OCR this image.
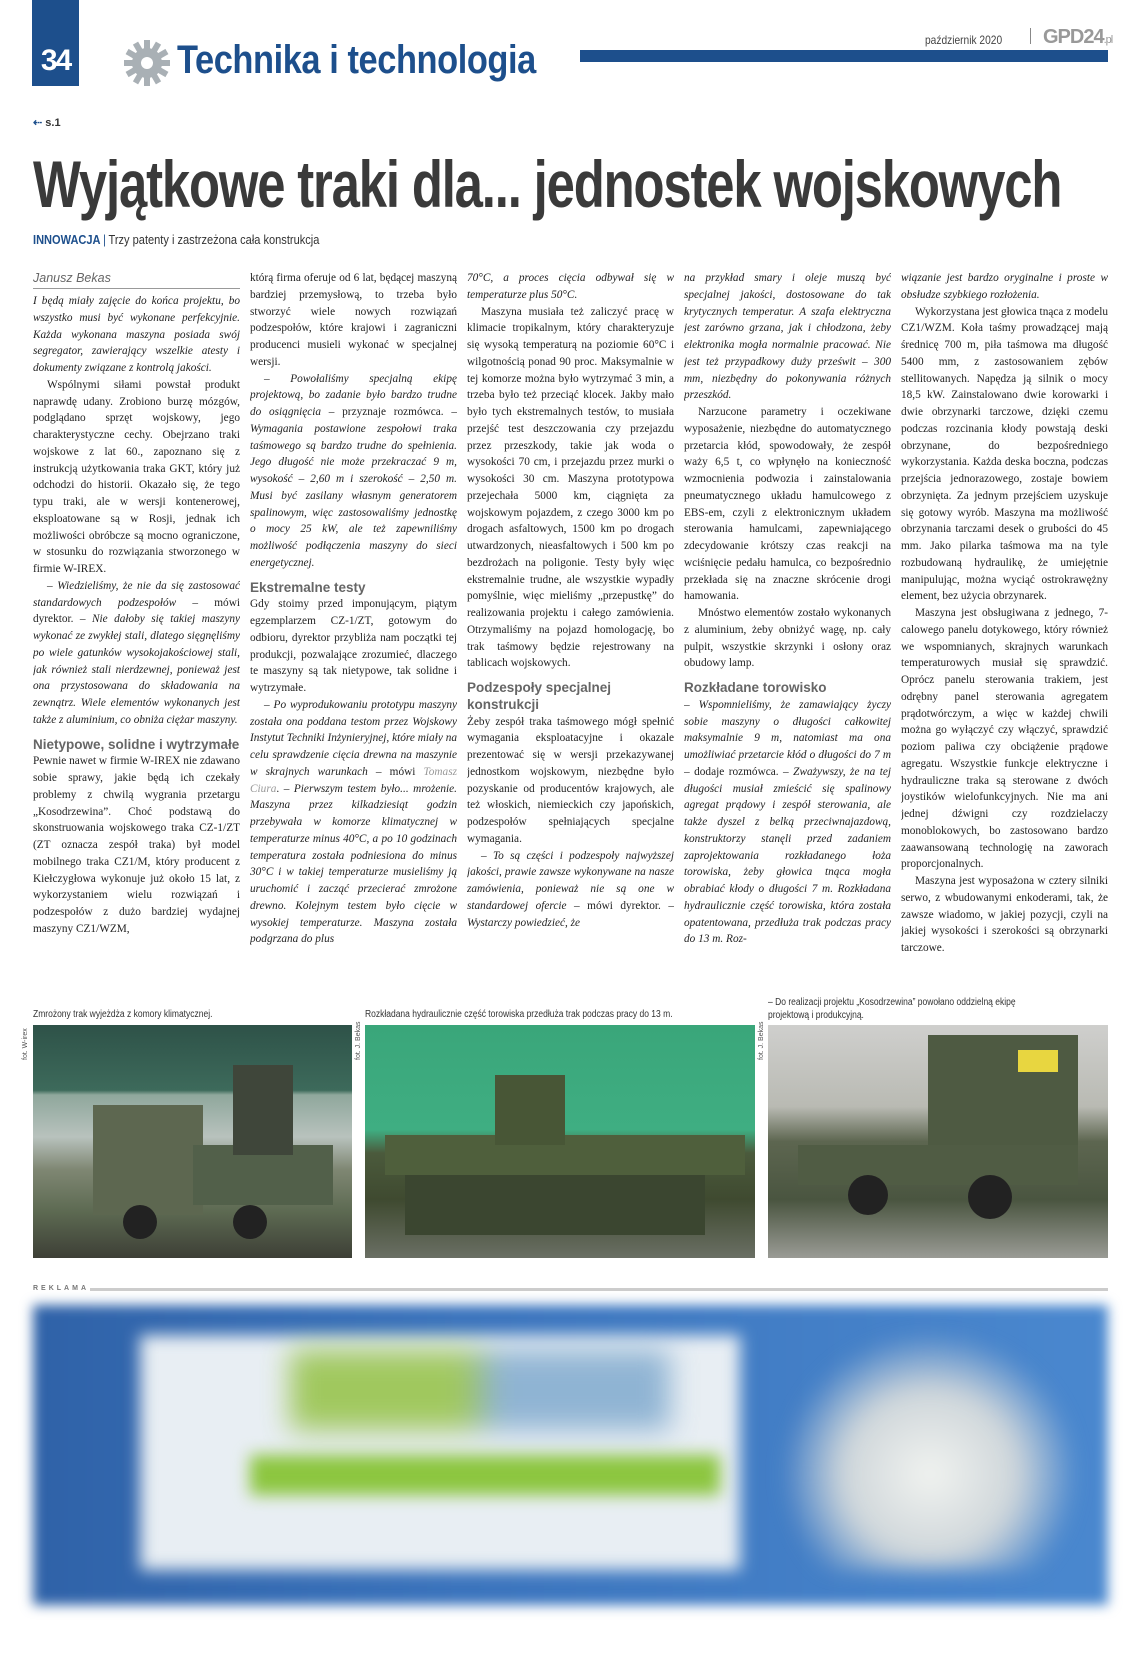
34	Technika i technologia	październik 2020 GPD24.pl
⇠ s.1
Wyjątkowe traki dla... jednostek wojskowych
INNOWACJA | Trzy patenty i zastrzeżona cała konstrukcja
Janusz Bekas

I będą miały zajęcie do końca projektu, bo wszystko musi być wykonane perfekcyjnie. Każda wykonana maszyna posiada swój segregator, zawierający wszelkie atesty i dokumenty związane z kontrolą jakości.

Wspólnymi siłami powstał produkt naprawdę udany. Zrobiono burzę mózgów, podglądano sprzęt wojskowy, jego charakterystyczne cechy. Obejrzano traki wojskowe z lat 60., zapoznano się z instrukcją użytkowania traka GKT, który już odchodzi do historii. Okazało się, że tego typu traki, ale w wersji kontenerowej, eksploatowane są w Rosji, jednak ich możliwości obróbcze są mocno ograniczone, w stosunku do rozwiązania stworzonego w firmie W-IREX.

– Wiedzieliśmy, że nie da się zastosować standardowych podzespołów – mówi dyrektor. – Nie dałoby się takiej maszyny wykonać ze zwykłej stali, dlatego sięgnęliśmy po wiele gatunków wysokojakościowej stali, jak również stali nierdzewnej, ponieważ jest ona przystosowana do składowania na zewnątrz. Wiele elementów wykonanych jest także z aluminium, co obniża ciężar maszyny.

Nietypowe, solidne i wytrzymałe

Pewnie nawet w firmie W-IREX nie zdawano sobie sprawy, jakie będą ich czekały problemy z chwilą wygrania przetargu „Kosodrzewina”. Choć podstawą do skonstruowania wojskowego traka CZ-1/ZT (ZT oznacza zespół traka) był model mobilnego traka CZ1/M, który producent z Kiełczygłowa wykonuje już około 15 lat, z wykorzystaniem wielu rozwiązań i podzespołów z dużo bardziej wydajnej maszyny CZ1/WZM,

którą firma oferuje od 6 lat, będącej maszyną bardziej przemysłową, to trzeba było stworzyć wiele nowych rozwiązań podzespołów, które krajowi i zagraniczni producenci musieli wykonać w specjalnej wersji.

– Powołaliśmy specjalną ekipę projektową, bo zadanie było bardzo trudne do osiągnięcia – przyznaje rozmówca. – Wymagania postawione zespołowi traka taśmowego są bardzo trudne do spełnienia. Jego długość nie może przekraczać 9 m, wysokość – 2,60 m i szerokość – 2,50 m. Musi być zasilany własnym generatorem spalinowym, więc zastosowaliśmy jednostkę o mocy 25 kW, ale też zapewniliśmy możliwość podłączenia maszyny do sieci energetycznej.

Ekstremalne testy

Gdy stoimy przed imponującym, piątym egzemplarzem CZ-1/ZT, gotowym do odbioru, dyrektor przybliża nam początki tej produkcji, pozwalające zrozumieć, dlaczego te maszyny są tak nietypowe, tak solidne i wytrzymałe.

– Po wyprodukowaniu prototypu maszyny została ona poddana testom przez Wojskowy Instytut Techniki Inżynieryjnej, które miały na celu sprawdzenie cięcia drewna na maszynie w skrajnych warunkach – mówi Tomasz Ciura. – Pierwszym testem było... mrożenie. Maszyna przez kilkadziesiąt godzin przebywała w komorze klimatycznej w temperaturze minus 40°C, a po 10 godzinach temperatura została podniesiona do minus 30°C i w takiej temperaturze musieliśmy ją uruchomić i zacząć przecierać zmrożone drewno. Kolejnym testem było cięcie w wysokiej temperaturze. Maszyna została podgrzana do plus

70°C, a proces cięcia odbywał się w temperaturze plus 50°C.

Maszyna musiała też zaliczyć pracę w klimacie tropikalnym, który charakteryzuje się wysoką temperaturą na poziomie 60°C i wilgotnością ponad 90 proc. Maksymalnie w tej komorze można było wytrzymać 3 min, a trzeba było też przeciąć klocek. Jakby mało było tych ekstremalnych testów, to musiała przejść test deszczowania czy przejazdu przez przeszkody, takie jak woda o wysokości 70 cm, i przejazdu przez murki o wysokości 30 cm. Maszyna prototypowa przejechała 5000 km, ciągnięta za wojskowym pojazdem, z czego 3000 km po drogach asfaltowych, 1500 km po drogach utwardzonych, nieasfaltowych i 500 km po bezdrożach na poligonie. Testy były więc ekstremalnie trudne, ale wszystkie wypadły pomyślnie, więc mieliśmy „przepustkę” do realizowania projektu i całego zamówienia. Otrzymaliśmy na pojazd homologację, bo trak taśmowy będzie rejestrowany na tablicach wojskowych.

Podzespoły specjalnej konstrukcji

Żeby zespół traka taśmowego mógł spełnić wymagania eksploatacyjne i okazale prezentować się w wersji przekazywanej jednostkom wojskowym, niezbędne było pozyskanie od producentów krajowych, ale też włoskich, niemieckich czy japońskich, podzespołów spełniających specjalne wymagania.

– To są części i podzespoły najwyższej jakości, prawie zawsze wykonywane na nasze zamówienia, ponieważ nie są one w standardowej ofercie – mówi dyrektor. – Wystarczy powiedzieć, że

na przykład smary i oleje muszą być specjalnej jakości, dostosowane do tak krytycznych temperatur. A szafa elektryczna jest zarówno grzana, jak i chłodzona, żeby elektronika mogła normalnie pracować. Nie jest też przypadkowy duży prześwit – 300 mm, niezbędny do pokonywania różnych przeszkód.

Narzucone parametry i oczekiwane wyposażenie, niezbędne do automatycznego przetarcia kłód, spowodowały, że zespół waży 6,5 t, co wpłynęło na konieczność wzmocnienia podwozia i zainstalowania pneumatycznego układu hamulcowego z EBS-em, czyli z elektronicznym układem sterowania hamulcami, zapewniającego zdecydowanie krótszy czas reakcji na wciśnięcie pedału hamulca, co bezpośrednio przekłada się na znaczne skrócenie drogi hamowania.

Mnóstwo elementów zostało wykonanych z aluminium, żeby obniżyć wagę, np. cały pulpit, wszystkie skrzynki i osłony oraz obudowy lamp.

Rozkładane torowisko

– Wspomnieliśmy, że zamawiający życzy sobie maszyny o długości całkowitej maksymalnie 9 m, natomiast ma ona umożliwiać przetarcie kłód o długości do 7 m – dodaje rozmówca. – Zważywszy, że na tej długości musiał zmieścić się spalinowy agregat prądowy i zespół sterowania, ale także dyszel z belką przeciwnajazdową, konstruktorzy stanęli przed zadaniem zaprojektowania rozkładanego łoża torowiska, żeby głowica tnąca mogła obrabiać kłody o długości 7 m. Rozkładana hydraulicznie część torowiska, która została opatentowana, przedłuża trak podczas pracy do 13 m. Roz-

wiązanie jest bardzo oryginalne i proste w obsłudze szybkiego rozłożenia.

Wykorzystana jest głowica tnąca z modelu CZ1/WZM. Koła taśmy prowadzącej mają średnicę 700 m, piła taśmowa ma długość 5400 mm, z zastosowaniem zębów stellitowanych. Napędza ją silnik o mocy 18,5 kW. Zainstalowano dwie korowarki i dwie obrzynarki tarczowe, dzięki czemu podczas rozcinania kłody powstają deski obrzynane, do bezpośredniego wykorzystania. Każda deska boczna, podczas przejścia jednorazowego, zostaje bowiem obrzynięta. Za jednym przejściem uzyskuje się gotowy wyrób. Maszyna ma możliwość obrzynania tarczami desek o grubości do 45 mm. Jako pilarka taśmowa ma na tyle rozbudowaną hydraulikę, że umiejętnie manipulując, można wyciąć ostrokrawężny element, bez użycia obrzynarek.

Maszyna jest obsługiwana z jednego, 7-calowego panelu dotykowego, który również we wspomnianych, skrajnych warunkach temperaturowych musiał się sprawdzić. Oprócz panelu sterowania trakiem, jest odrębny panel sterowania agregatem prądotwórczym, a więc w każdej chwili można go wyłączyć czy włączyć, sprawdzić poziom paliwa czy obciążenie prądowe agregatu. Wszystkie funkcje elektryczne i hydrauliczne traka są sterowane z dwóch joystików wielofunkcyjnych. Nie ma ani jednej dźwigni czy rozdzielaczy monoblokowych, bo zastosowano bardzo zaawansowaną technologię na zaworach proporcjonalnych.

Maszyna jest wyposażona w cztery silniki serwo, z wbudowanymi enkoderami, tak, że zawsze wiadomo, w jakiej pozycji, czyli na jakiej wysokości i szerokości są obrzynarki tarczowe.

Zmrożony trak wyjeżdża z komory klimatycznej.	Rozkładana hydraulicznie część torowiska przedłuża trak podczas pracy do 13 m.
– Do realizacji projektu „Kosodrzewina” powołano oddzielną ekipę projektową i produkcyjną.
fot. W-irex	fot. J. Bekas	fot. J. Bekas
REKLAMA
